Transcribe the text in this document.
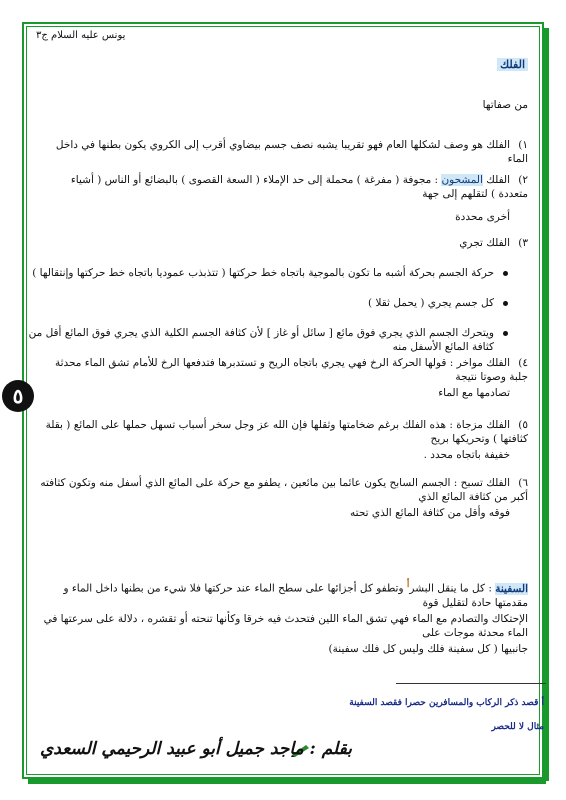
يونس عليه السلام ج٣
الفلك
من صفاتها
١)الفلك هو وصف لشكلها العام فهو تقريبا يشبه نصف جسم بيضاوي أقرب إلى الكروي يكون بطنها في داخل الماء
٢)الفلك المشحون : مجوفة ( مفرغة ) محملة إلى حد الإملاء ( السعة القصوى ) بالبضائع أو الناس ( أشياء متعددة ) لتقلهم إلى جهة
أخرى محددة
٣)الفلك تجري
حركة الجسم بحركة أشبه ما تكون بالموجية باتجاه خط حركتها ( تتذبذب عموديا باتجاه خط حركتها وإنتقالها )
كل جسم يجري ( يحمل ثقلا )
ويتحرك الجسم الذي يجري فوق مائع [ سائل أو غاز ] لأن كثافة الجسم الكلية الذي يجري فوق المائع أقل من كثافة المائع الأسفل منه
٤)الفلك مواخر : قولها الحركة الرخ فهي يجري باتجاه الريح و تستدبرها فتدفعها الرخ للأمام تشق الماء محدثة جلبة وصوتا نتيجة
تصادمها مع الماء
٥)الفلك مزجاة : هذه الفلك برغم ضخامتها وثقلها فإن الله عز وجل سخر أسباب تسهل حملها على المائع ( بقلة كثافتها ) وتحريكها بريح
خفيفة باتجاه محدد .
٦)الفلك تسبح : الجسم السابح يكون عائما بين مائعين ، يطفو مع حركة على المائع الذي أسفل منه وتكون كثافته أكبر من كثافة المائع الذي
فوقه وأقل من كثافة المائع الذي تحته
السفينة : كل ما ينقل البشرأ وتطفو كل أجزائها على سطح الماء عند حركتها فلا شيء من بطنها داخل الماء و مقدمتها حادة لتقليل قوة
الإحتكاك والتصادم مع الماء فهي تشق الماء اللين فتحدث فيه خرقا وكأنها تنحته أو تقشره ، دلالة على سرعتها في الماء محدثة موجات على
جانبيها ( كل سفينة فلك وليس كل فلك سفينة)
٥
أ قصد ذكر الركاب والمسافرين حصرا فقصد السفينة
مثال لا للحصر
بقلم : ماجد جميل أبو عبيد الرحيمي السعدي
